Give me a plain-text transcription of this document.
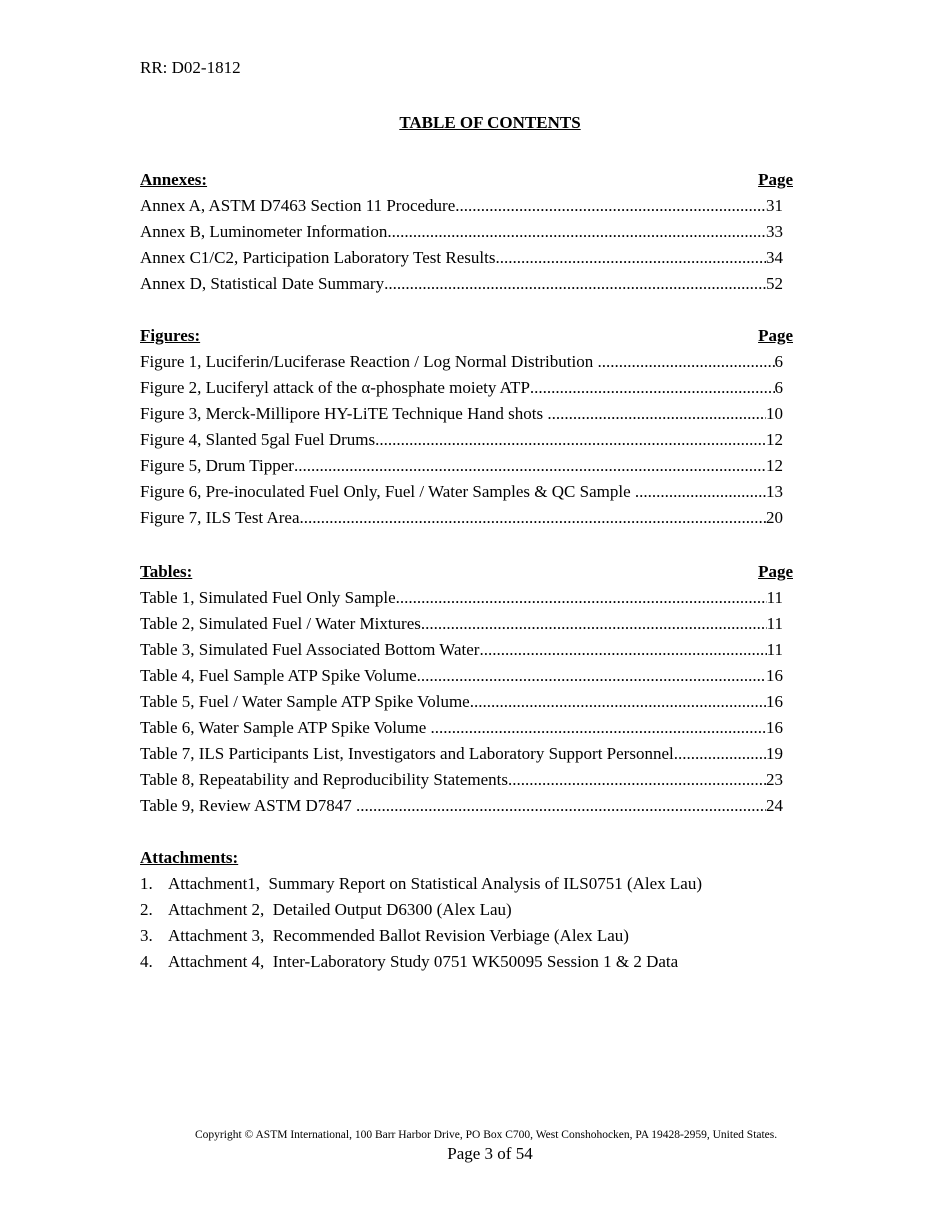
RR: D02-1812
TABLE OF CONTENTS
Annexes:	Page
Annex A, ASTM D7463 Section 11 Procedure .....	31
Annex B, Luminometer Information .....	33
Annex C1/C2, Participation Laboratory Test Results .....	34
Annex D, Statistical Date Summary .....	52
Figures:	Page
Figure 1, Luciferin/Luciferase Reaction / Log Normal Distribution .....	6
Figure 2, Luciferyl attack of the α-phosphate moiety ATP .....	6
Figure 3, Merck-Millipore HY-LiTE Technique Hand shots .....	10
Figure 4, Slanted 5gal Fuel Drums .....	12
Figure 5, Drum Tipper .....	12
Figure 6, Pre-inoculated Fuel Only, Fuel / Water Samples & QC Sample .....	13
Figure 7, ILS Test Area .....	20
Tables:	Page
Table 1, Simulated Fuel Only Sample .....	11
Table 2, Simulated Fuel / Water Mixtures .....	11
Table 3, Simulated Fuel Associated Bottom Water .....	11
Table 4, Fuel Sample ATP Spike Volume .....	16
Table 5, Fuel / Water Sample ATP Spike Volume .....	16
Table 6, Water Sample ATP Spike Volume .....	16
Table 7, ILS Participants List, Investigators and Laboratory Support Personnel .....	19
Table 8, Repeatability and Reproducibility Statements .....	23
Table 9, Review ASTM D7847 .....	24
Attachments:
1. Attachment1,  Summary Report on Statistical Analysis of ILS0751 (Alex Lau)
2. Attachment 2,  Detailed Output D6300 (Alex Lau)
3. Attachment 3,  Recommended Ballot Revision Verbiage (Alex Lau)
4. Attachment 4,  Inter-Laboratory Study 0751 WK50095 Session 1 & 2 Data
Copyright © ASTM International, 100 Barr Harbor Drive, PO Box C700, West Conshohocken, PA 19428-2959, United States.
Page 3 of 54
